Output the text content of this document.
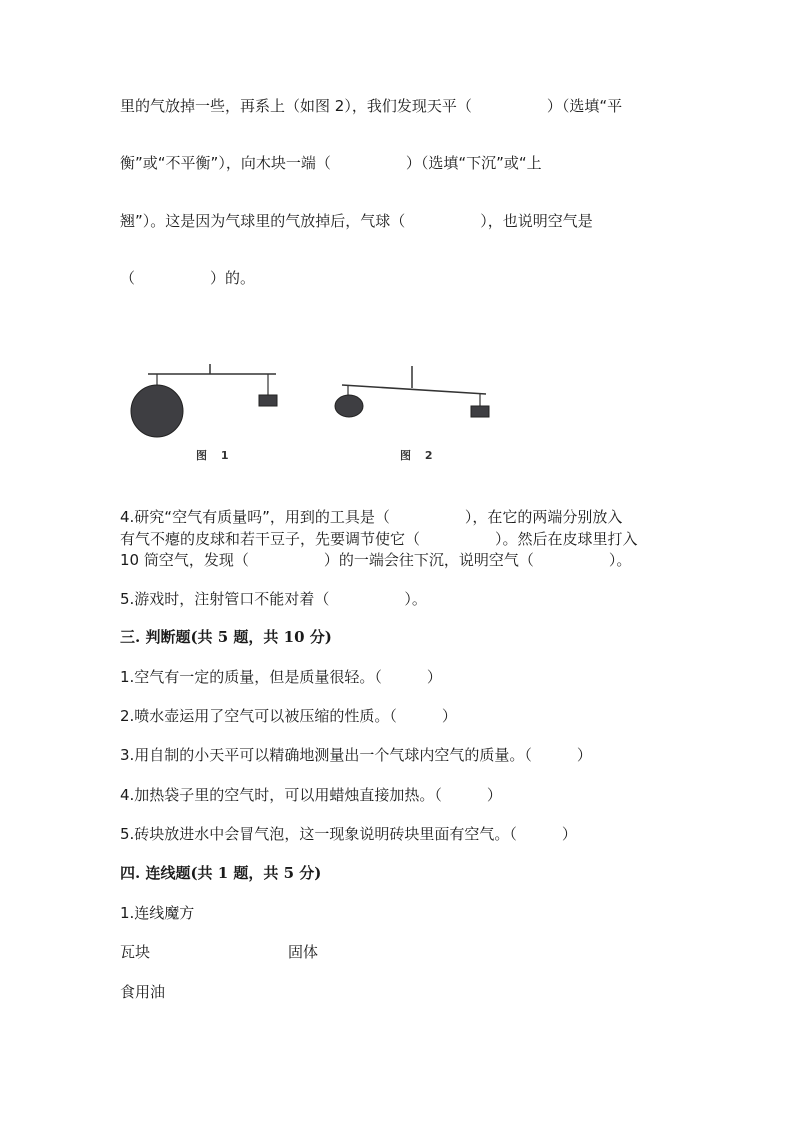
里的气放掉一些，再系上（如图 2），我们发现天平（　　　　　）（选填“平
衡”或“不平衡”），向木块一端（　　　　　）（选填“下沉”或“上
翘”）。这是因为气球里的气放掉后，气球（　　　　　），也说明空气是
（　　　　　）的。
图 1	图 2
4.研究“空气有质量吗”，用到的工具是（　　　　　），在它的两端分别放入
有气不瘪的皮球和若干豆子，先要调节使它（　　　　　）。然后在皮球里打入
10 筒空气，发现（　　　　　）的一端会往下沉，说明空气（　　　　　）。
5.游戏时，注射管口不能对着（　　　　　）。
三. 判断题(共 5 题，共 10 分)
1.空气有一定的质量，但是质量很轻。（　　　）
2.喷水壶运用了空气可以被压缩的性质。（　　　）
3.用自制的小天平可以精确地测量出一个气球内空气的质量。（　　　）
4.加热袋子里的空气时，可以用蜡烛直接加热。（　　　）
5.砖块放进水中会冒气泡，这一现象说明砖块里面有空气。（　　　）
四. 连线题(共 1 题，共 5 分)
1.连线魔方
瓦块	固体
食用油
